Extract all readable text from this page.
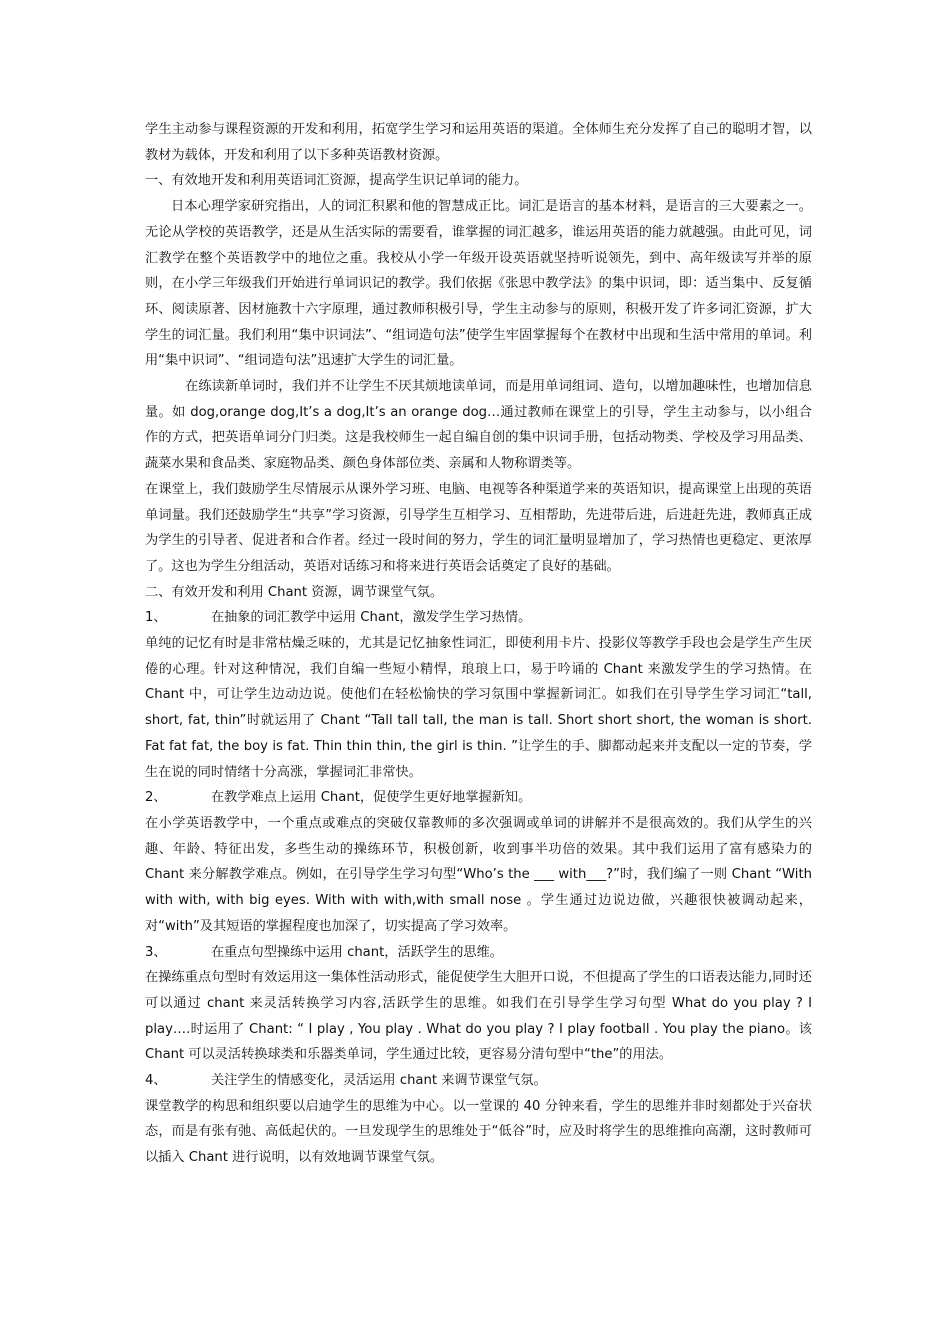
学生主动参与课程资源的开发和利用，拓宽学生学习和运用英语的渠道。全体师生充分发挥了自己的聪明才智，以教材为载体，开发和利用了以下多种英语教材资源。

一、有效地开发和利用英语词汇资源，提高学生识记单词的能力。

日本心理学家研究指出，人的词汇积累和他的智慧成正比。词汇是语言的基本材料，是语言的三大要素之一。无论从学校的英语教学，还是从生活实际的需要看，谁掌握的词汇越多，谁运用英语的能力就越强。由此可见，词汇教学在整个英语教学中的地位之重。我校从小学一年级开设英语就坚持听说领先，到中、高年级读写并举的原则，在小学三年级我们开始进行单词识记的教学。我们依据《张思中教学法》的集中识词，即：适当集中、反复循环、阅读原著、因材施教十六字原理，通过教师积极引导，学生主动参与的原则，积极开发了许多词汇资源，扩大学生的词汇量。我们利用“集中识词法”、“组词造句法”使学生牢固掌握每个在教材中出现和生活中常用的单词。利用“集中识词”、“组词造句法”迅速扩大学生的词汇量。

在练读新单词时，我们并不让学生不厌其烦地读单词，而是用单词组词、造句，以增加趣味性，也增加信息量。如 dog,orange dog,It’s a dog,It’s an orange dog…通过教师在课堂上的引导，学生主动参与，以小组合作的方式，把英语单词分门归类。这是我校师生一起自编自创的集中识词手册，包括动物类、学校及学习用品类、蔬菜水果和食品类、家庭物品类、颜色身体部位类、亲属和人物称谓类等。

在课堂上，我们鼓励学生尽情展示从课外学习班、电脑、电视等各种渠道学来的英语知识，提高课堂上出现的英语单词量。我们还鼓励学生“共享”学习资源，引导学生互相学习、互相帮助，先进带后进，后进赶先进，教师真正成为学生的引导者、促进者和合作者。经过一段时间的努力，学生的词汇量明显增加了，学习热情也更稳定、更浓厚了。这也为学生分组活动，英语对话练习和将来进行英语会话奠定了良好的基础。

二、有效开发和利用 Chant 资源，调节课堂气氛。

1、	在抽象的词汇教学中运用 Chant，激发学生学习热情。

单纯的记忆有时是非常枯燥乏味的，尤其是记忆抽象性词汇，即使利用卡片、投影仪等教学手段也会是学生产生厌倦的心理。针对这种情况，我们自编一些短小精悍，琅琅上口，易于吟诵的 Chant 来激发学生的学习热情。在 Chant 中，可让学生边动边说。使他们在轻松愉快的学习氛围中掌握新词汇。如我们在引导学生学习词汇“tall, short, fat, thin”时就运用了 Chant “Tall tall tall, the man is tall. Short short short, the woman is short. Fat fat fat, the boy is fat. Thin thin thin, the girl is thin. ”让学生的手、脚都动起来并支配以一定的节奏，学生在说的同时情绪十分高涨，掌握词汇非常快。

2、	在教学难点上运用 Chant，促使学生更好地掌握新知。

在小学英语教学中，一个重点或难点的突破仅靠教师的多次强调或单词的讲解并不是很高效的。我们从学生的兴趣、年龄、特征出发，多些生动的操练环节，积极创新，收到事半功倍的效果。其中我们运用了富有感染力的 Chant 来分解教学难点。例如，在引导学生学习句型“Who’s the ___ with___?”时，我们编了一则 Chant “With with with, with big eyes. With with with,with small nose 。学生通过边说边做，兴趣很快被调动起来，对“with”及其短语的掌握程度也加深了，切实提高了学习效率。

3、	在重点句型操练中运用 chant，活跃学生的思维。

在操练重点句型时有效运用这一集体性活动形式，能促使学生大胆开口说，不但提高了学生的口语表达能力,同时还可以通过 chant 来灵活转换学习内容,活跃学生的思维。如我们在引导学生学习句型 What do you play ? I play….时运用了 Chant: “ I play , You play . What do you play ? I play football . You play the piano。该 Chant 可以灵活转换球类和乐器类单词，学生通过比较，更容易分清句型中“the”的用法。

4、	关注学生的情感变化，灵活运用 chant 来调节课堂气氛。

课堂教学的构思和组织要以启迪学生的思维为中心。以一堂课的 40 分钟来看，学生的思维并非时刻都处于兴奋状态，而是有张有弛、高低起伏的。一旦发现学生的思维处于“低谷”时，应及时将学生的思维推向高潮，这时教师可以插入 Chant 进行说明，以有效地调节课堂气氛。
